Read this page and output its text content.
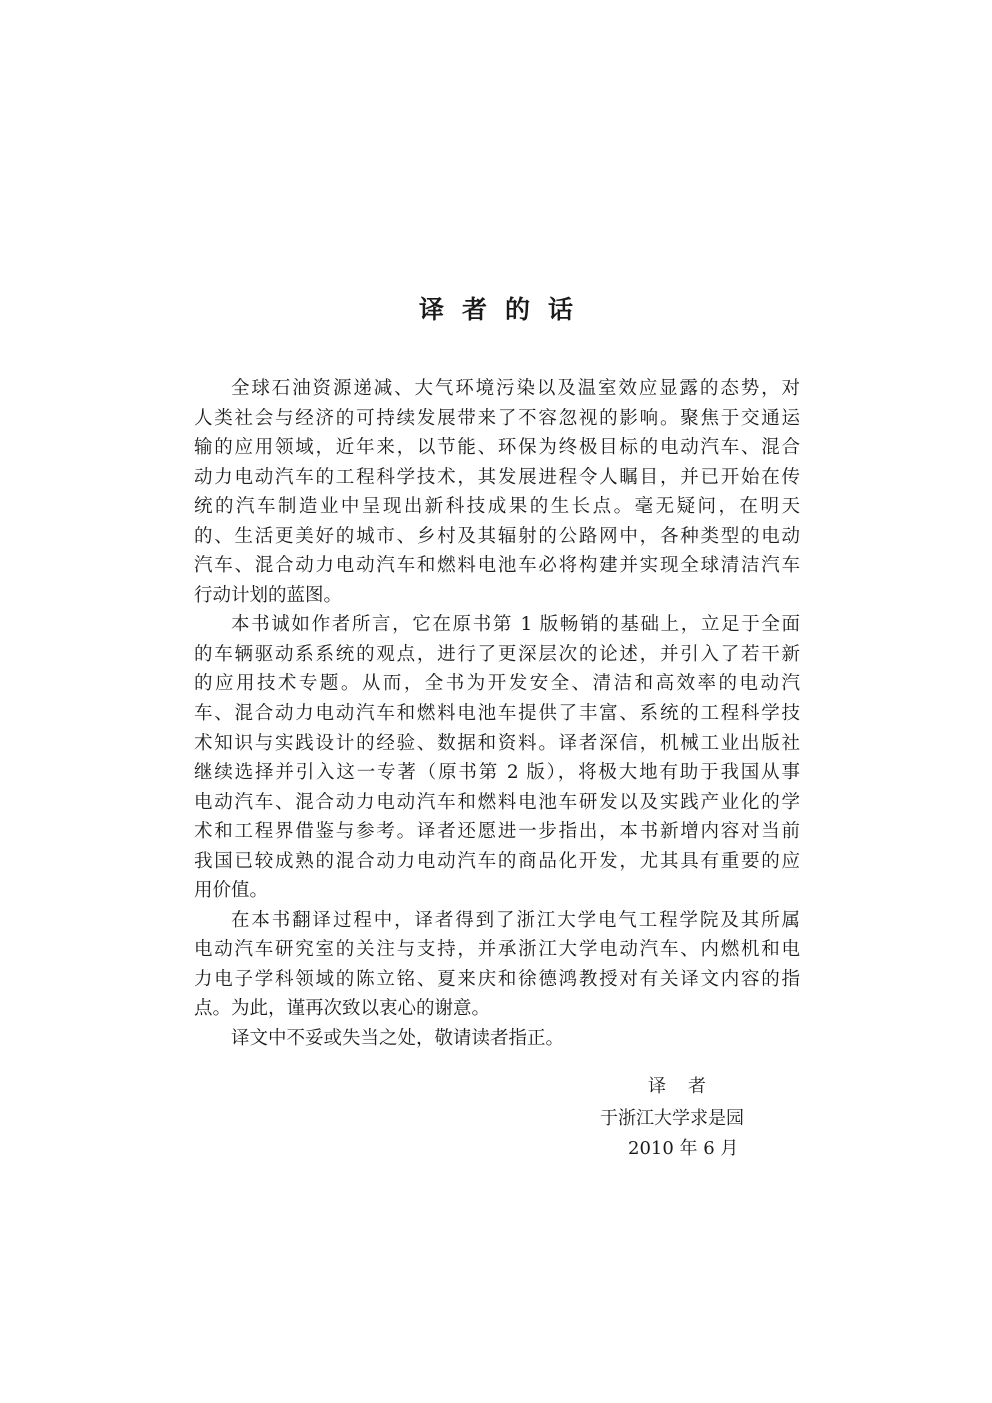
译者的话
全球石油资源递减、大气环境污染以及温室效应显露的态势，对
人类社会与经济的可持续发展带来了不容忽视的影响。聚焦于交通运
输的应用领域，近年来，以节能、环保为终极目标的电动汽车、混合
动力电动汽车的工程科学技术，其发展进程令人瞩目，并已开始在传
统的汽车制造业中呈现出新科技成果的生长点。毫无疑问，在明天
的、生活更美好的城市、乡村及其辐射的公路网中，各种类型的电动
汽车、混合动力电动汽车和燃料电池车必将构建并实现全球清洁汽车
行动计划的蓝图。
本书诚如作者所言，它在原书第 1 版畅销的基础上，立足于全面
的车辆驱动系系统的观点，进行了更深层次的论述，并引入了若干新
的应用技术专题。从而，全书为开发安全、清洁和高效率的电动汽
车、混合动力电动汽车和燃料电池车提供了丰富、系统的工程科学技
术知识与实践设计的经验、数据和资料。译者深信，机械工业出版社
继续选择并引入这一专著（原书第 2 版），将极大地有助于我国从事
电动汽车、混合动力电动汽车和燃料电池车研发以及实践产业化的学
术和工程界借鉴与参考。译者还愿进一步指出，本书新增内容对当前
我国已较成熟的混合动力电动汽车的商品化开发，尤其具有重要的应
用价值。
在本书翻译过程中，译者得到了浙江大学电气工程学院及其所属
电动汽车研究室的关注与支持，并承浙江大学电动汽车、内燃机和电
力电子学科领域的陈立铭、夏来庆和徐德鸿教授对有关译文内容的指
点。为此，谨再次致以衷心的谢意。
译文中不妥或失当之处，敬请读者指正。
译者
于浙江大学求是园
2010 年 6 月
